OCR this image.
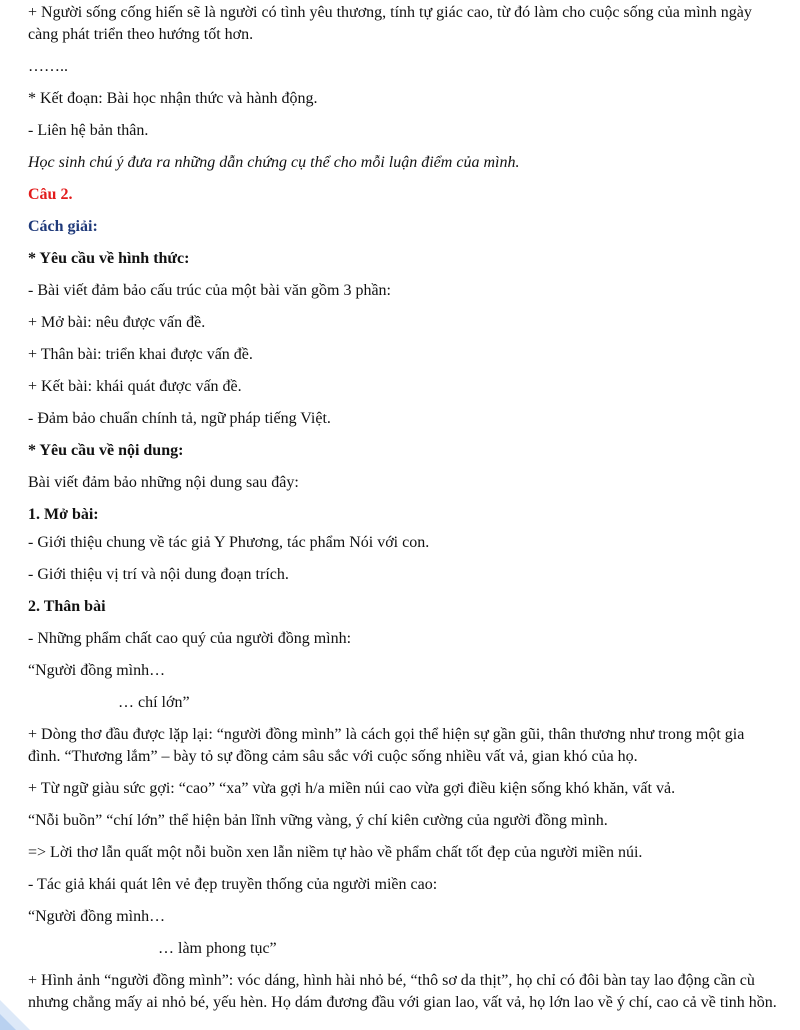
+ Người sống cống hiến sẽ là người có tình yêu thương, tính tự giác cao, từ đó làm cho cuộc sống của mình ngày càng phát triển theo hướng tốt hơn.

……..

* Kết đoạn: Bài học nhận thức và hành động.

- Liên hệ bản thân.

Học sinh chú ý đưa ra những dẫn chứng cụ thể cho mỗi luận điểm của mình.

Câu 2.

Cách giải:

* Yêu cầu về hình thức:

- Bài viết đảm bảo cấu trúc của một bài văn gồm 3 phần:

+ Mở bài: nêu được vấn đề.

+ Thân bài: triển khai được vấn đề.

+ Kết bài: khái quát được vấn đề.

- Đảm bảo chuẩn chính tả, ngữ pháp tiếng Việt.

* Yêu cầu về nội dung:

Bài viết đảm bảo những nội dung sau đây:

1. Mở bài:

- Giới thiệu chung về tác giả Y Phương, tác phẩm Nói với con.

- Giới thiệu vị trí và nội dung đoạn trích.

2. Thân bài

- Những phẩm chất cao quý của người đồng mình:

“Người đồng mình…

… chí lớn”

+ Dòng thơ đầu được lặp lại: “người đồng mình” là cách gọi thể hiện sự gần gũi, thân thương như trong một gia đình. “Thương lắm” – bày tỏ sự đồng cảm sâu sắc với cuộc sống nhiều vất vả, gian khó của họ.

+ Từ ngữ giàu sức gợi: “cao” “xa” vừa gợi h/a miền núi cao vừa gợi điều kiện sống khó khăn, vất vả.

“Nỗi buồn” “chí lớn” thể hiện bản lĩnh vững vàng, ý chí kiên cường của người đồng mình.

=> Lời thơ lẫn quất một nỗi buồn xen lẫn niềm tự hào về phẩm chất tốt đẹp của người miền núi.

- Tác giả khái quát lên vẻ đẹp truyền thống của người miền cao:

“Người đồng mình…

… làm phong tục”

+ Hình ảnh “người đồng mình”: vóc dáng, hình hài nhỏ bé, “thô sơ da thịt”, họ chỉ có đôi bàn tay lao động cần cù nhưng chẳng mấy ai nhỏ bé, yếu hèn. Họ dám đương đầu với gian lao, vất vả, họ lớn lao về ý chí, cao cả về tinh hồn.
